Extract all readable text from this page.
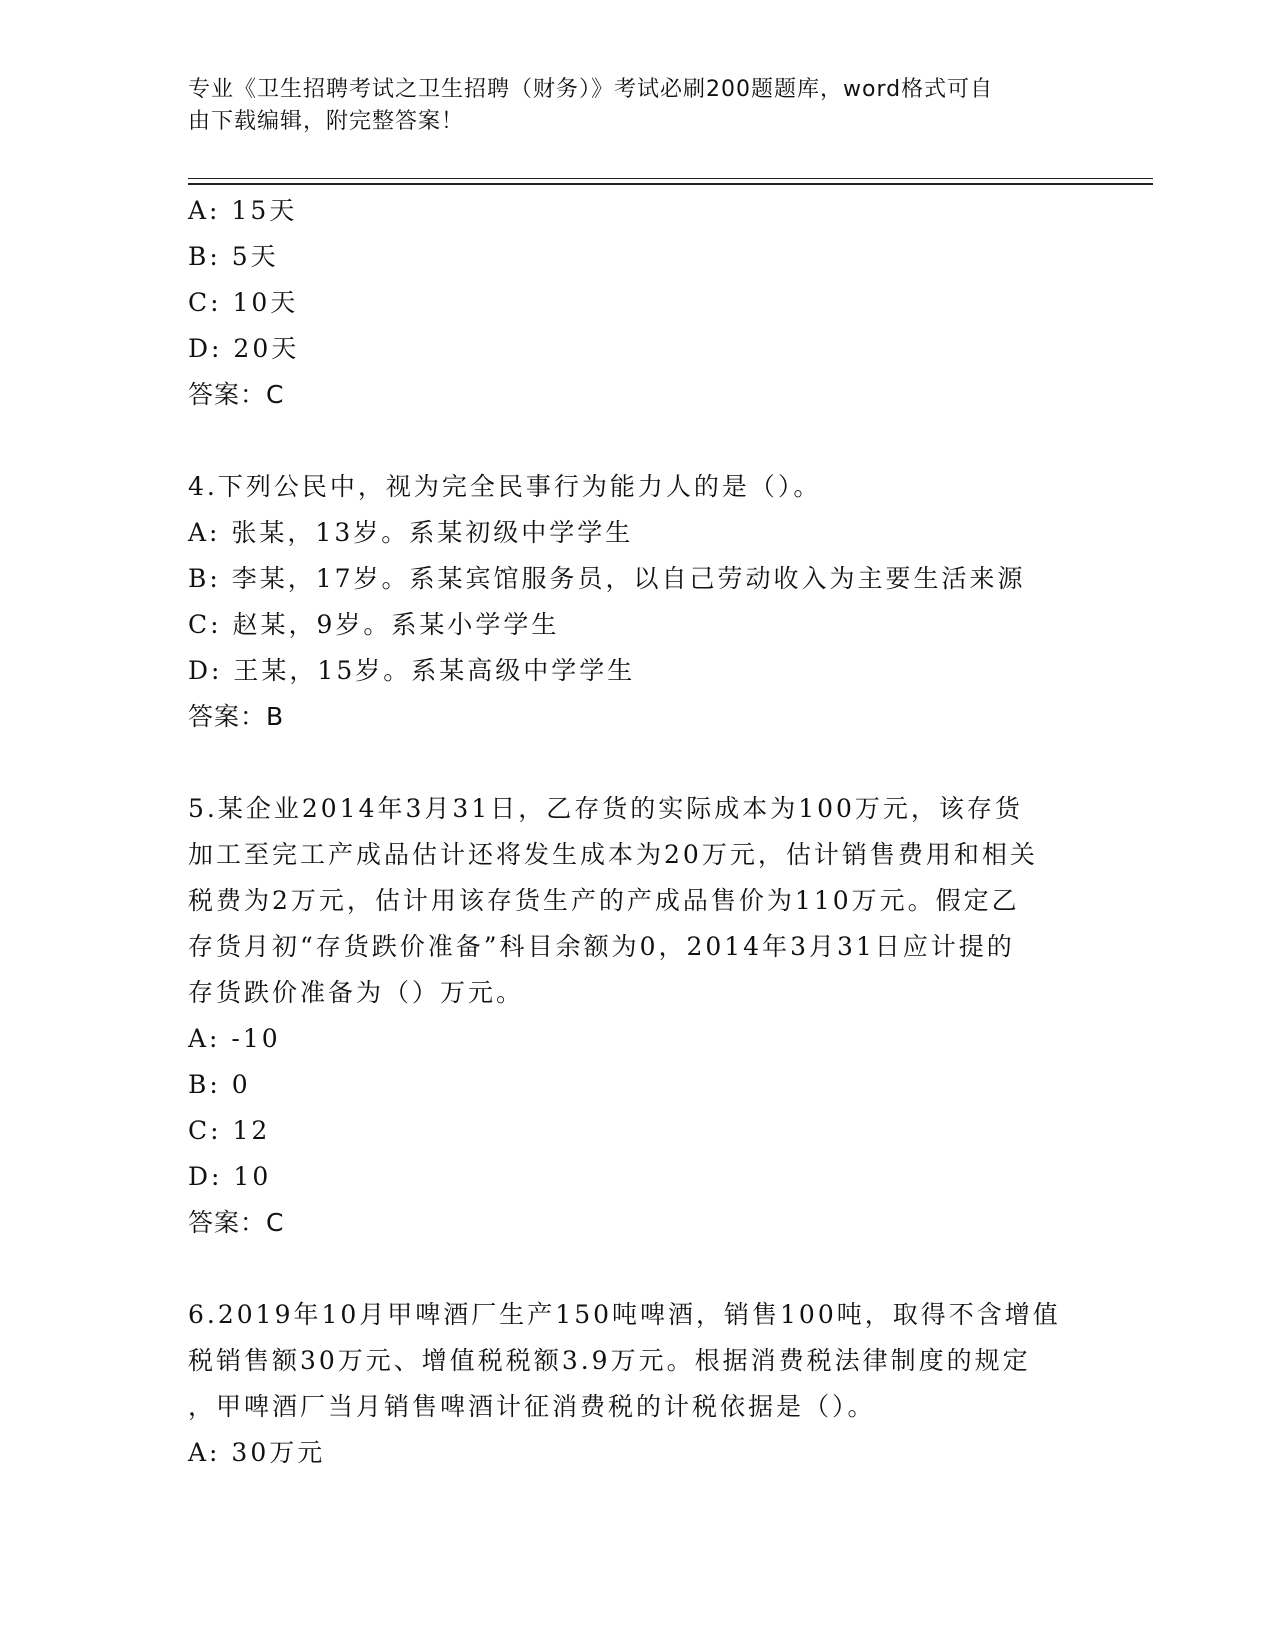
专业《卫生招聘考试之卫生招聘（财务）》考试必刷200题题库，word格式可自
由下载编辑，附完整答案！
A: 15天
B: 5天
C: 10天
D: 20天
答案：C
4.下列公民中，视为完全民事行为能力人的是（）。
A: 张某，13岁。系某初级中学学生
B: 李某，17岁。系某宾馆服务员，以自己劳动收入为主要生活来源
C: 赵某，9岁。系某小学学生
D: 王某，15岁。系某高级中学学生
答案：B
5.某企业2014年3月31日，乙存货的实际成本为100万元，该存货
加工至完工产成品估计还将发生成本为20万元，估计销售费用和相关
税费为2万元，估计用该存货生产的产成品售价为110万元。假定乙
存货月初“存货跌价准备”科目余额为0，2014年3月31日应计提的
存货跌价准备为（）万元。
A: -10
B: 0
C: 12
D: 10
答案：C
6.2019年10月甲啤酒厂生产150吨啤酒，销售100吨，取得不含增值
税销售额30万元、增值税税额3.9万元。根据消费税法律制度的规定
，甲啤酒厂当月销售啤酒计征消费税的计税依据是（）。
A: 30万元
